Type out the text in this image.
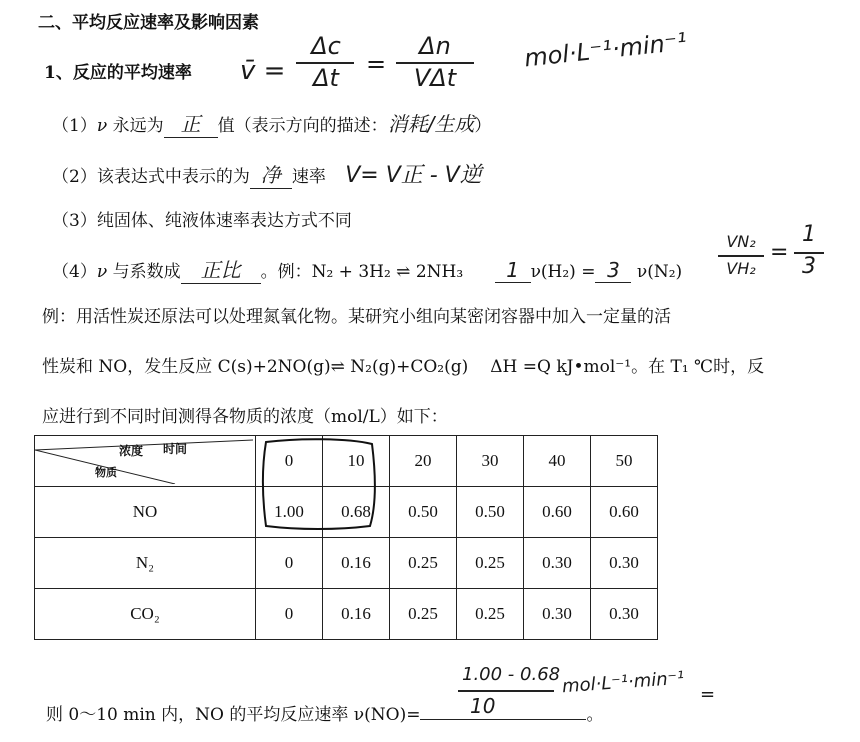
二、平均反应速率及影响因素
1、反应的平均速率 v̄ =
Δc
Δt	=
Δn
VΔt
mol·L⁻¹·min⁻¹
（1）ν 永远为 正 值（表示方向的描述：消耗/生成）
（2）该表达式中表示的为 净 速率 V= V正 - V逆
（3）纯固体、纯液体速率表达方式不同
（4）ν 与系数成 正比 。例：N₂ + 3H₂ ⇌ 2NH₃ 1 ν(H₂) = 3 ν(N₂)
VN₂
VH₂
=
1
3
例：用活性炭还原法可以处理氮氧化物。某研究小组向某密闭容器中加入一定量的活
性炭和 NO，发生反应 C(s)+2NO(g)⇌ N₂(g)+CO₂(g) ΔH =Q kJ•mol⁻¹。在 T₁ ℃时，反
应进行到不同时间测得各物质的浓度（mol/L）如下：
浓度 时间
物质	0	10	20	30	40	50
NO	1.00	0.68	0.50	0.50	0.60	0.60
N₂	0	0.16	0.25	0.25	0.30	0.30
CO₂	0	0.16	0.25	0.25	0.30	0.30
则 0～10 min 内，NO 的平均反应速率 ν(NO)=	。
1.00 - 0.68
10
mol·L⁻¹·min⁻¹ =
